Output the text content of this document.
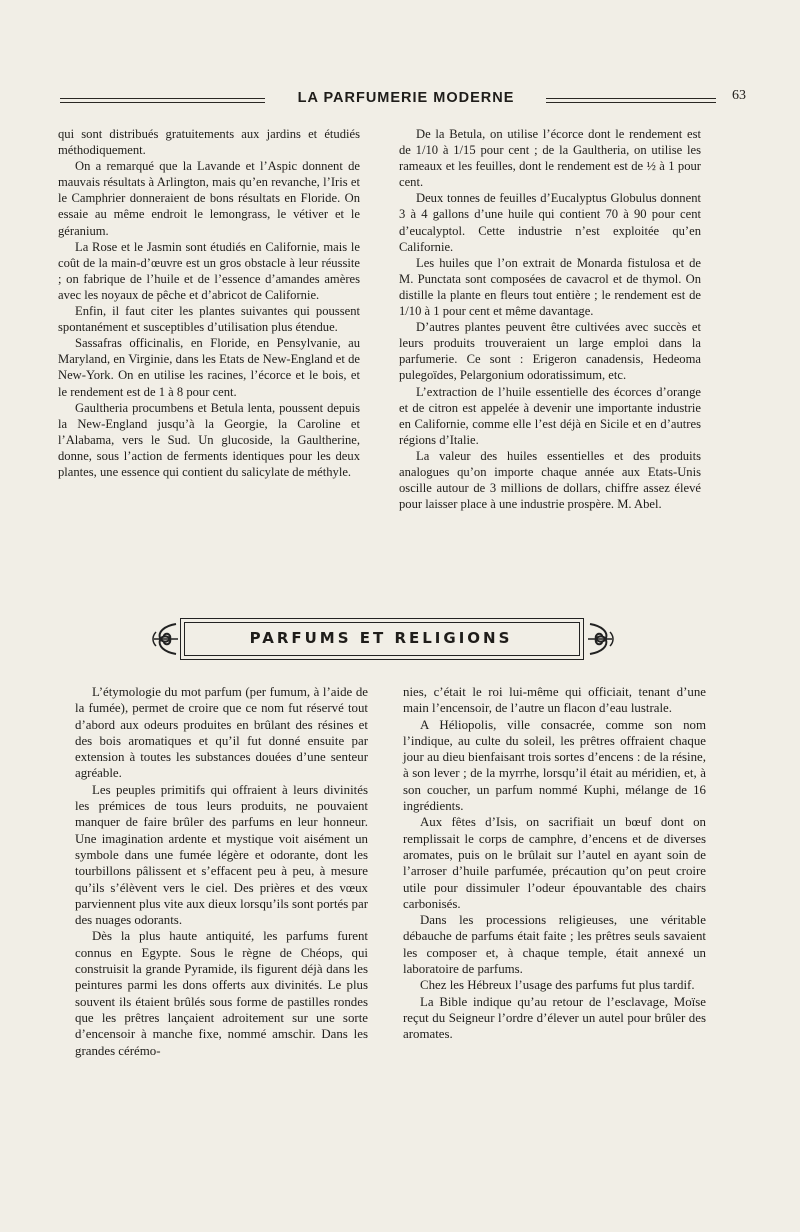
LA PARFUMERIE MODERNE	63

qui sont distribués gratuitements aux jardins et étudiés méthodiquement.

On a remarqué que la Lavande et l’Aspic donnent de mauvais résultats à Arlington, mais qu’en revanche, l’Iris et le Camphrier donneraient de bons résultats en Floride. On essaie au même endroit le lemongrass, le vétiver et le géranium.

La Rose et le Jasmin sont étudiés en Californie, mais le coût de la main-d’œuvre est un gros obstacle à leur réussite ; on fabrique de l’huile et de l’essence d’amandes amères avec les noyaux de pêche et d’abricot de Californie.

Enfin, il faut citer les plantes suivantes qui poussent spontanément et susceptibles d’utilisation plus étendue.

Sassafras officinalis, en Floride, en Pensylvanie, au Maryland, en Virginie, dans les Etats de New-England et de New-York. On en utilise les racines, l’écorce et le bois, et le rendement est de 1 à 8 pour cent.

Gaultheria procumbens et Betula lenta, poussent depuis la New-England jusqu’à la Georgie, la Caroline et l’Alabama, vers le Sud. Un glucoside, la Gaultherine, donne, sous l’action de ferments identiques pour les deux plantes, une essence qui contient du salicylate de méthyle.

De la Betula, on utilise l’écorce dont le rendement est de 1/10 à 1/15 pour cent ; de la Gaultheria, on utilise les rameaux et les feuilles, dont le rendement est de ½ à 1 pour cent.

Deux tonnes de feuilles d’Eucalyptus Globulus donnent 3 à 4 gallons d’une huile qui contient 70 à 90 pour cent d’eucalyptol. Cette industrie n’est exploitée qu’en Californie.

Les huiles que l’on extrait de Monarda fistulosa et de M. Punctata sont composées de cavacrol et de thymol. On distille la plante en fleurs tout entière ; le rendement est de 1/10 à 1 pour cent et même davantage.

D’autres plantes peuvent être cultivées avec succès et leurs produits trouveraient un large emploi dans la parfumerie. Ce sont : Erigeron canadensis, Hedeoma pulegoïdes, Pelargonium odoratissimum, etc.

L’extraction de l’huile essentielle des écorces d’orange et de citron est appelée à devenir une importante industrie en Californie, comme elle l’est déjà en Sicile et en d’autres régions d’Italie.

La valeur des huiles essentielles et des produits analogues qu’on importe chaque année aux Etats-Unis oscille autour de 3 millions de dollars, chiffre assez élevé pour laisser place à une industrie prospère. M. Abel.

PARFUMS ET RELIGIONS

L’étymologie du mot parfum (per fumum, à l’aide de la fumée), permet de croire que ce nom fut réservé tout d’abord aux odeurs produites en brûlant des résines et des bois aromatiques et qu’il fut donné ensuite par extension à toutes les substances douées d’une senteur agréable.

Les peuples primitifs qui offraient à leurs divinités les prémices de tous leurs produits, ne pouvaient manquer de faire brûler des parfums en leur honneur. Une imagination ardente et mystique voit aisément un symbole dans une fumée légère et odorante, dont les tourbillons pâlissent et s’effacent peu à peu, à mesure qu’ils s’élèvent vers le ciel. Des prières et des vœux parviennent plus vite aux dieux lorsqu’ils sont portés par des nuages odorants.

Dès la plus haute antiquité, les parfums furent connus en Egypte. Sous le règne de Chéops, qui construisit la grande Pyramide, ils figurent déjà dans les peintures parmi les dons offerts aux divinités. Le plus souvent ils étaient brûlés sous forme de pastilles rondes que les prêtres lançaient adroitement sur une sorte d’encensoir à manche fixe, nommé amschir. Dans les grandes cérémo-

nies, c’était le roi lui-même qui officiait, tenant d’une main l’encensoir, de l’autre un flacon d’eau lustrale.

A Héliopolis, ville consacrée, comme son nom l’indique, au culte du soleil, les prêtres offraient chaque jour au dieu bienfaisant trois sortes d’encens : de la résine, à son lever ; de la myrrhe, lorsqu’il était au méridien, et, à son coucher, un parfum nommé Kuphi, mélange de 16 ingrédients.

Aux fêtes d’Isis, on sacrifiait un bœuf dont on remplissait le corps de camphre, d’encens et de diverses aromates, puis on le brûlait sur l’autel en ayant soin de l’arroser d’huile parfumée, précaution qu’on peut croire utile pour dissimuler l’odeur épouvantable des chairs carbonisés.

Dans les processions religieuses, une véritable débauche de parfums était faite ; les prêtres seuls savaient les composer et, à chaque temple, était annexé un laboratoire de parfums.

Chez les Hébreux l’usage des parfums fut plus tardif.

La Bible indique qu’au retour de l’esclavage, Moïse reçut du Seigneur l’ordre d’élever un autel pour brûler des aromates.
